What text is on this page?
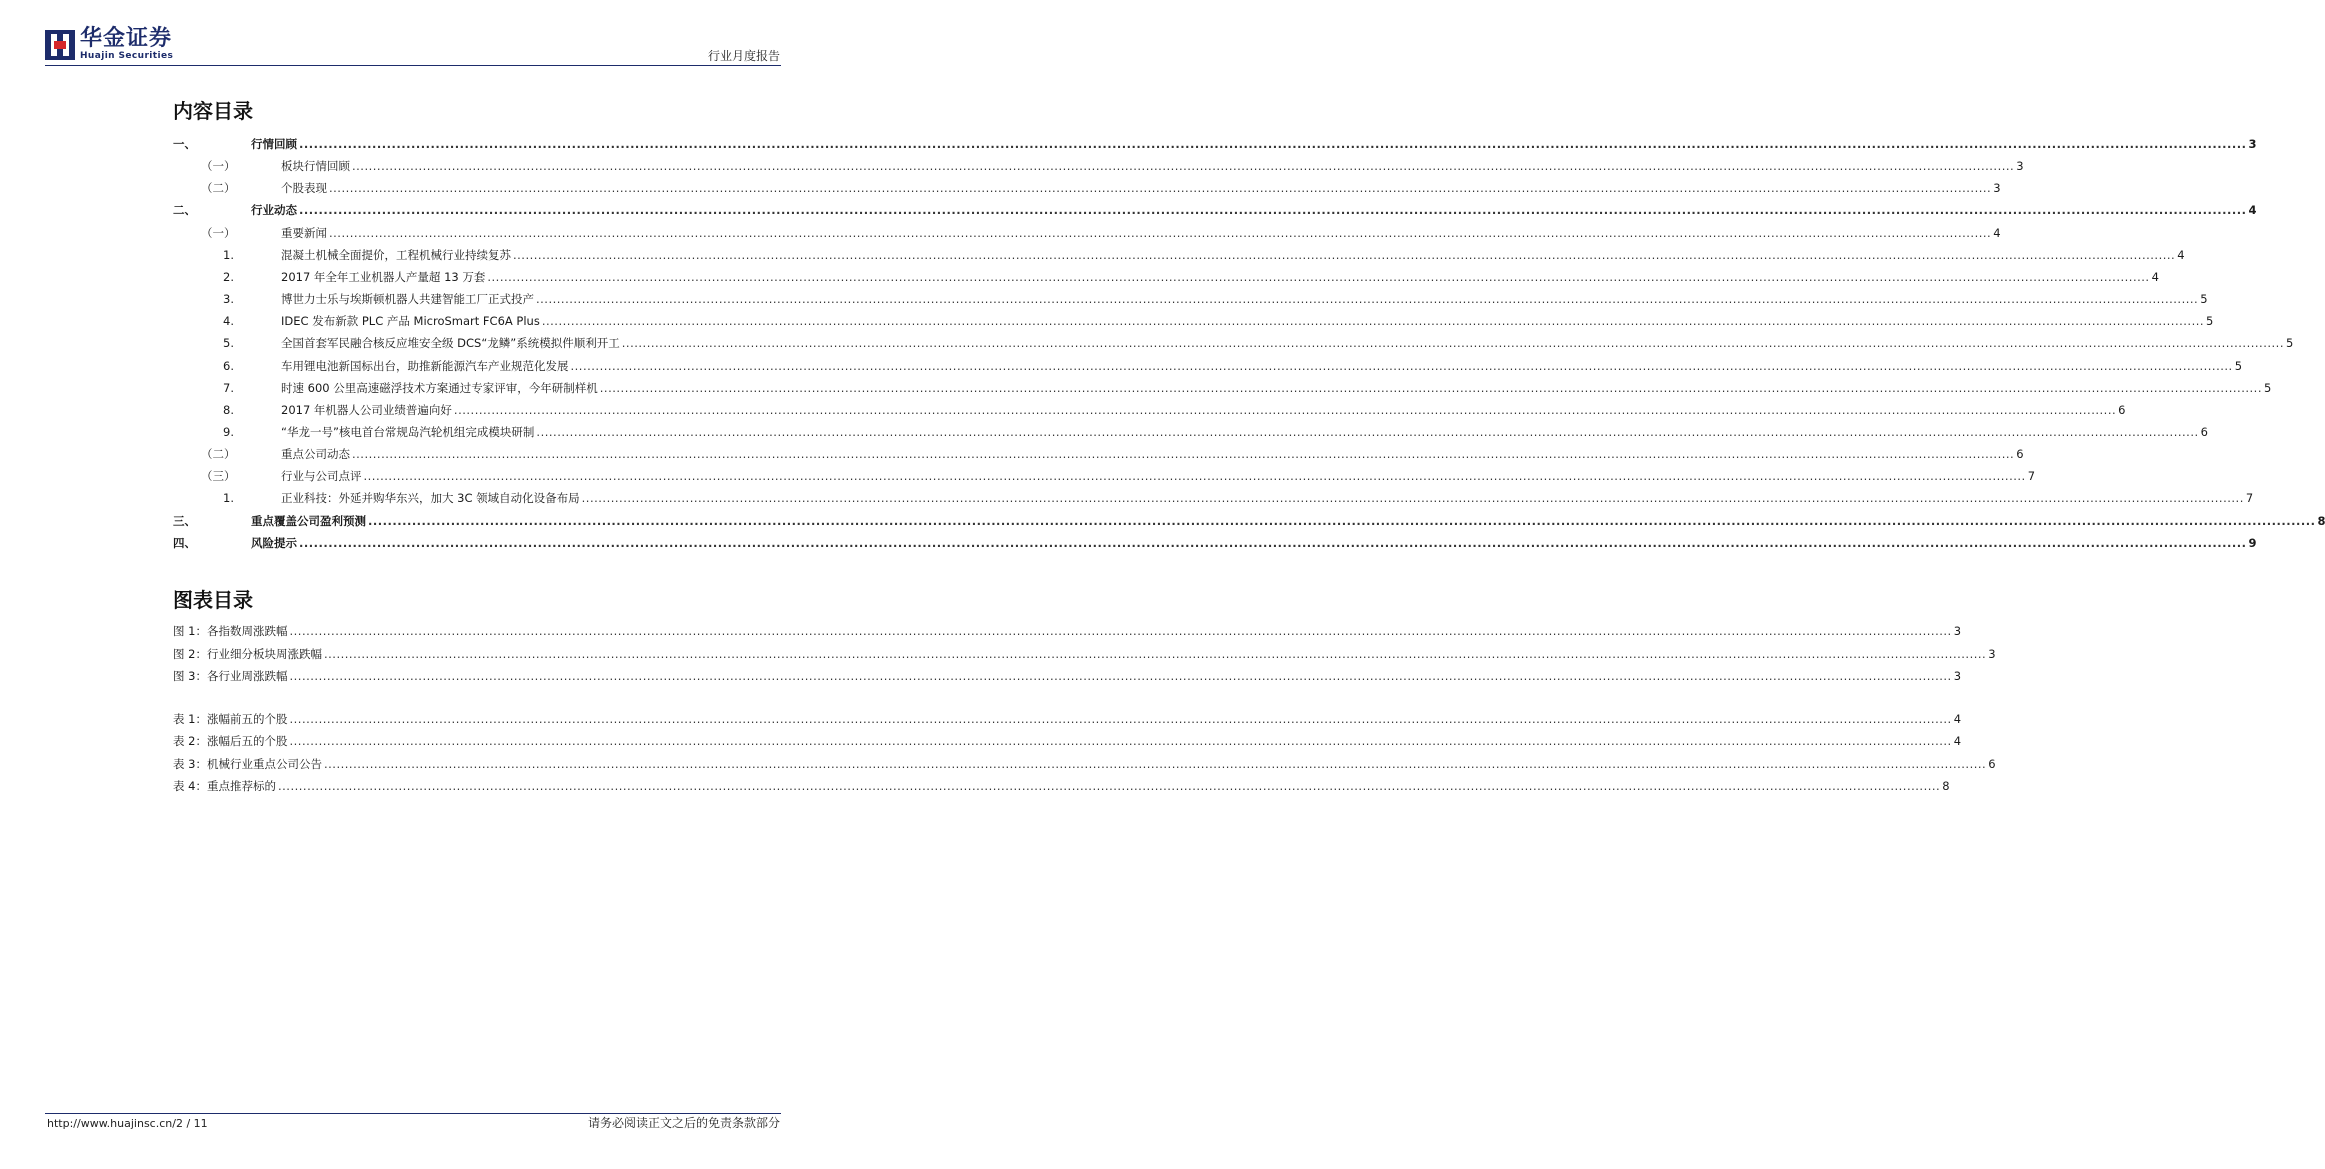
华金证券
Huajin Securities	行业月度报告
内容目录
一、	行情回顾 ................................................................................................................................................................................................................................................................................................................................................................................................................ 3
（一）	板块行情回顾 ................................................................................................................................................................................................................................................................................................................................................................................................................ 3
（二）	个股表现 ................................................................................................................................................................................................................................................................................................................................................................................................................ 3
二、	行业动态 ................................................................................................................................................................................................................................................................................................................................................................................................................ 4
（一）	重要新闻 ................................................................................................................................................................................................................................................................................................................................................................................................................ 4
1.	混凝土机械全面提价，工程机械行业持续复苏 ................................................................................................................................................................................................................................................................................................................................................................................................................ 4
2.	2017 年全年工业机器人产量超 13 万套 ................................................................................................................................................................................................................................................................................................................................................................................................................ 4
3.	博世力士乐与埃斯顿机器人共建智能工厂正式投产 ................................................................................................................................................................................................................................................................................................................................................................................................................ 5
4.	IDEC 发布新款 PLC 产品 MicroSmart FC6A Plus ................................................................................................................................................................................................................................................................................................................................................................................................................ 5
5.	全国首套军民融合核反应堆安全级 DCS“龙鳞”系统模拟件顺利开工 ................................................................................................................................................................................................................................................................................................................................................................................................................ 5
6.	车用锂电池新国标出台，助推新能源汽车产业规范化发展 ................................................................................................................................................................................................................................................................................................................................................................................................................ 5
7.	时速 600 公里高速磁浮技术方案通过专家评审，今年研制样机 ................................................................................................................................................................................................................................................................................................................................................................................................................ 5
8.	2017 年机器人公司业绩普遍向好 ................................................................................................................................................................................................................................................................................................................................................................................................................ 6
9.	“华龙一号”核电首台常规岛汽轮机组完成模块研制 ................................................................................................................................................................................................................................................................................................................................................................................................................ 6
（二）	重点公司动态 ................................................................................................................................................................................................................................................................................................................................................................................................................ 6
（三）	行业与公司点评 ................................................................................................................................................................................................................................................................................................................................................................................................................ 7
1.	正业科技：外延并购华东兴，加大 3C 领域自动化设备布局 ................................................................................................................................................................................................................................................................................................................................................................................................................ 7
三、	重点覆盖公司盈利预测 ................................................................................................................................................................................................................................................................................................................................................................................................................ 8
四、	风险提示 ................................................................................................................................................................................................................................................................................................................................................................................................................ 9
图表目录
图 1：各指数周涨跌幅 ................................................................................................................................................................................................................................................................................................................................................................................................................ 3
图 2：行业细分板块周涨跌幅 ................................................................................................................................................................................................................................................................................................................................................................................................................ 3
图 3：各行业周涨跌幅 ................................................................................................................................................................................................................................................................................................................................................................................................................ 3
表 1：涨幅前五的个股 ................................................................................................................................................................................................................................................................................................................................................................................................................ 4
表 2：涨幅后五的个股 ................................................................................................................................................................................................................................................................................................................................................................................................................ 4
表 3：机械行业重点公司公告 ................................................................................................................................................................................................................................................................................................................................................................................................................ 6
表 4：重点推荐标的 ................................................................................................................................................................................................................................................................................................................................................................................................................ 8
http://www.huajinsc.cn/2 / 11	请务必阅读正文之后的免责条款部分
